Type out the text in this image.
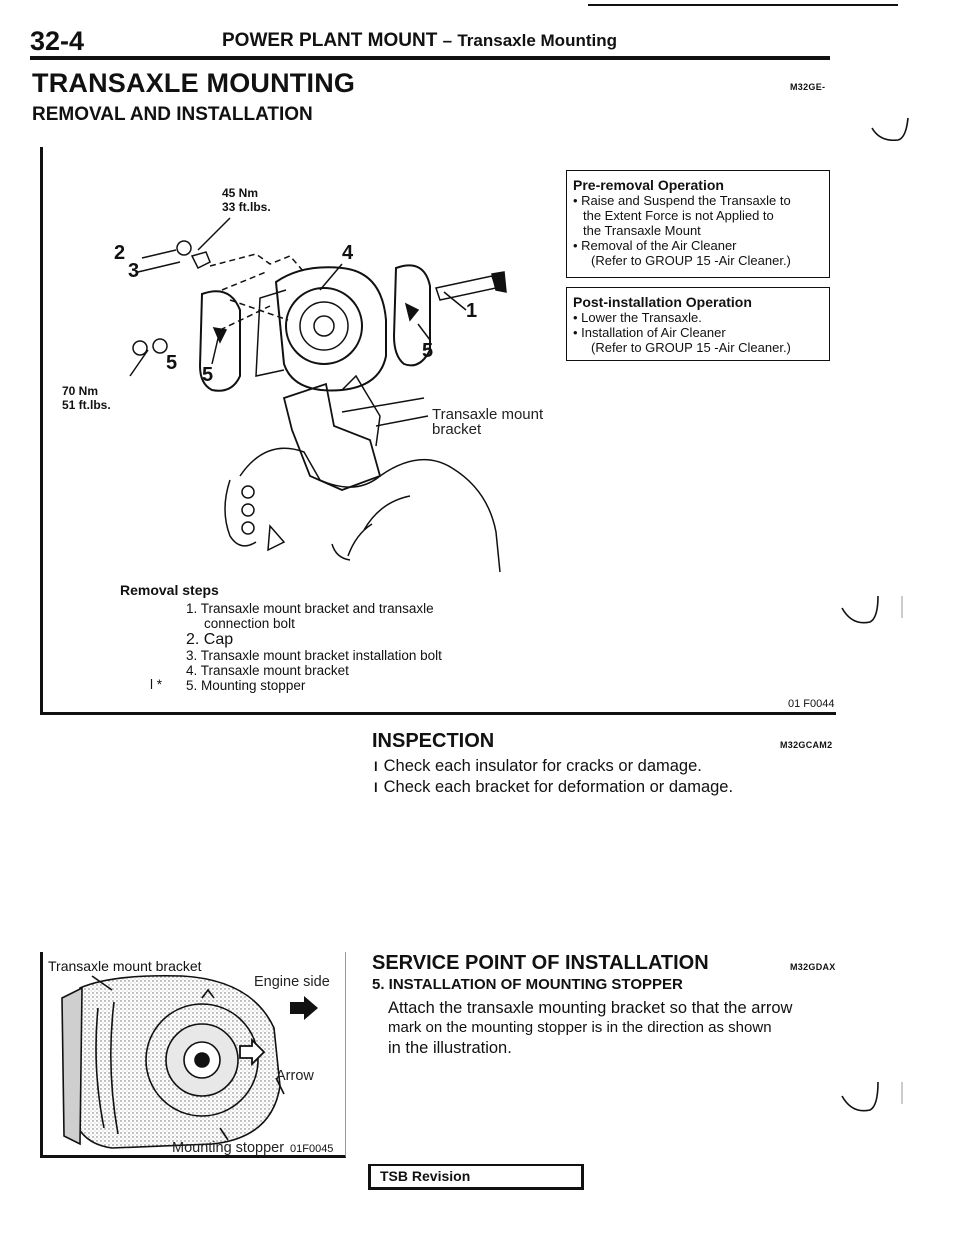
32-4	POWER PLANT MOUNT – Transaxle Mounting
TRANSAXLE MOUNTING	M32GE-
REMOVAL AND INSTALLATION
45 Nm
33 ft.lbs.
70 Nm
51 ft.lbs.
1
2
3
4
5
5
5
Transaxle mount
bracket
Pre-removal Operation
• Raise and Suspend the Transaxle to
the Extent Force is not Applied to
the Transaxle Mount
• Removal of the Air Cleaner
(Refer to GROUP 15 -Air Cleaner.)
Post-installation Operation
• Lower the Transaxle.
• Installation of Air Cleaner
(Refer to GROUP 15 -Air Cleaner.)
Removal steps
1. Transaxle mount bracket and transaxle
connection bolt
2. Cap
3. Transaxle mount bracket installation bolt
4. Transaxle mount bracket
5. Mounting stopper
l *
01 F0044
INSPECTION	M32GCAM2
l Check each insulator for cracks or damage.
l Check each bracket for deformation or damage.
SERVICE POINT OF INSTALLATION	M32GDAX
5. INSTALLATION OF MOUNTING STOPPER
Attach the transaxle mounting bracket so that the arrow
mark on the mounting stopper is in the direction as shown
in the illustration.
Transaxle mount bracket
Engine side
Arrow
Mounting stopper 01F0045
TSB Revision
